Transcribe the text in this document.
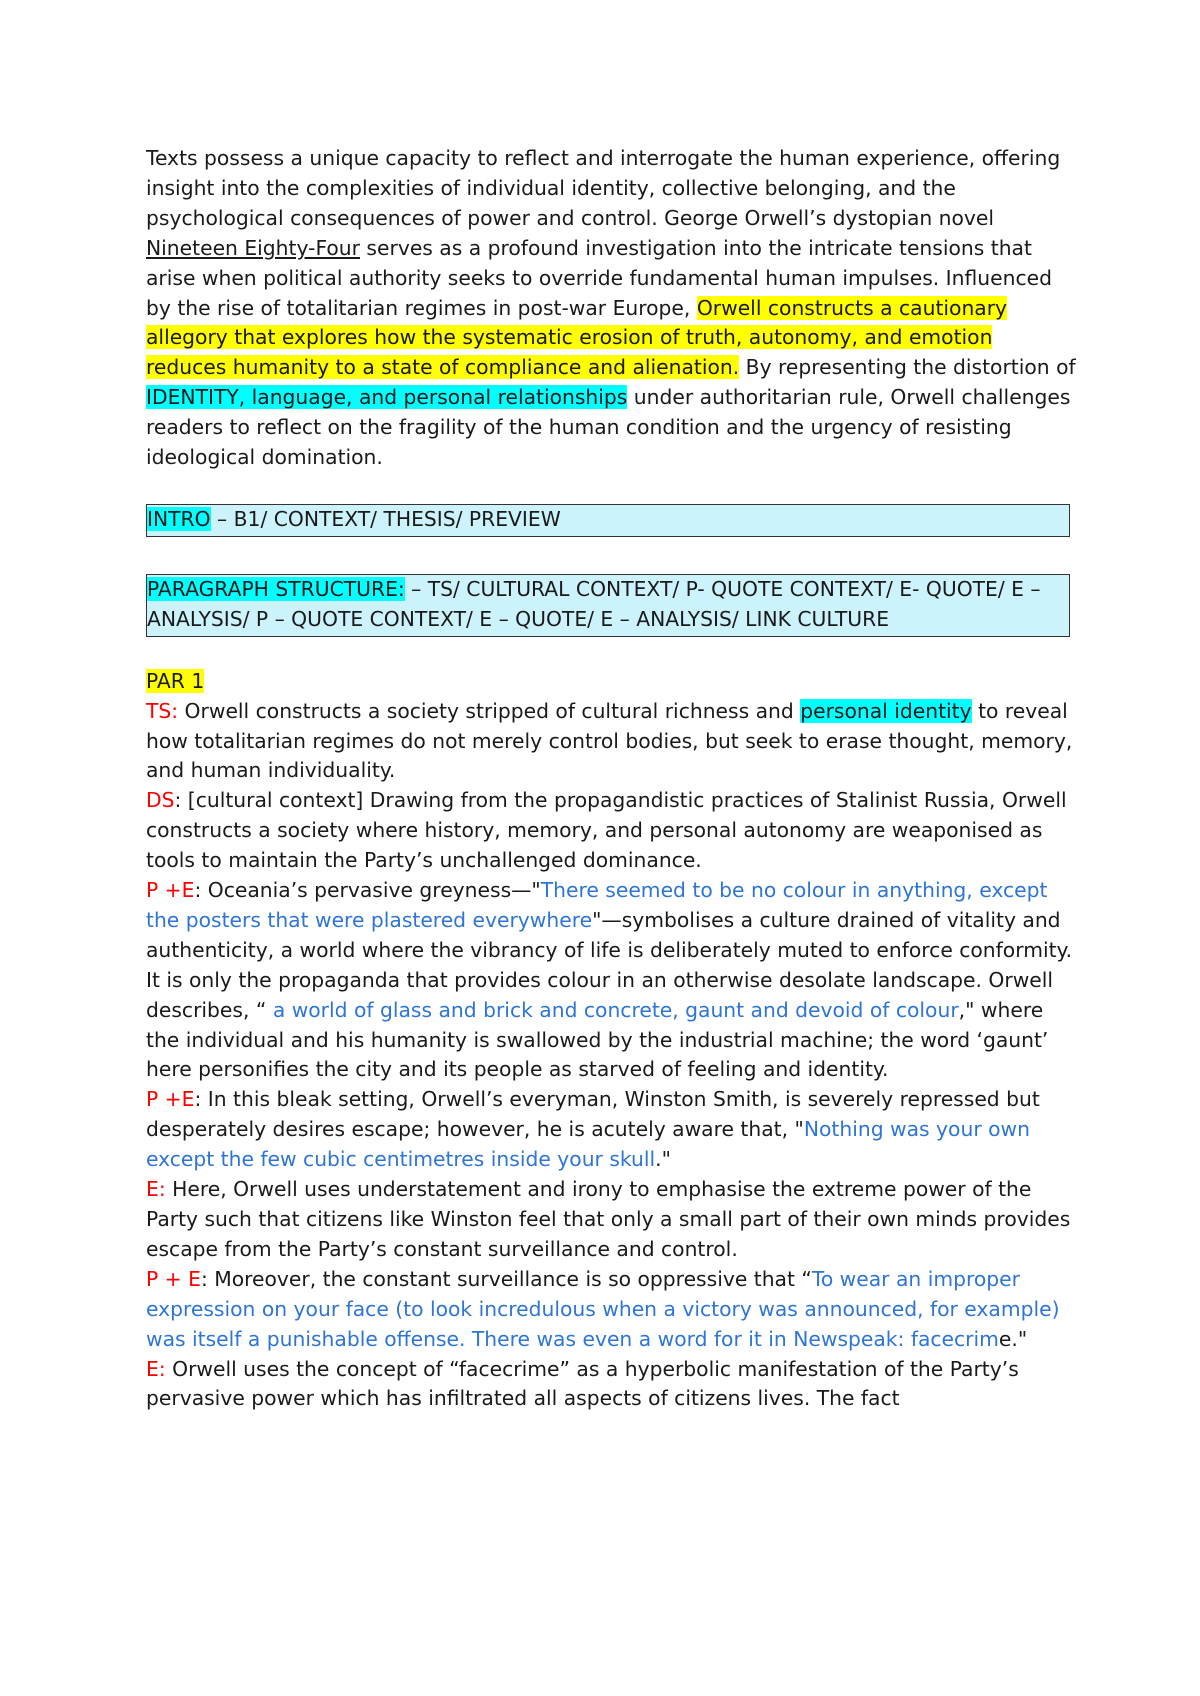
Texts possess a unique capacity to reflect and interrogate the human experience, offering insight into the complexities of individual identity, collective belonging, and the psychological consequences of power and control. George Orwell’s dystopian novel Nineteen Eighty-Four serves as a profound investigation into the intricate tensions that arise when political authority seeks to override fundamental human impulses. Influenced by the rise of totalitarian regimes in post-war Europe, Orwell constructs a cautionary allegory that explores how the systematic erosion of truth, autonomy, and emotion reduces humanity to a state of compliance and alienation. By representing the distortion of IDENTITY, language, and personal relationships under authoritarian rule, Orwell challenges readers to reflect on the fragility of the human condition and the urgency of resisting ideological domination.

INTRO – B1/ CONTEXT/ THESIS/ PREVIEW

PARAGRAPH STRUCTURE: – TS/ CULTURAL CONTEXT/ P- QUOTE CONTEXT/ E- QUOTE/ E – ANALYSIS/ P – QUOTE CONTEXT/ E – QUOTE/ E – ANALYSIS/ LINK CULTURE

PAR 1

TS: Orwell constructs a society stripped of cultural richness and personal identity to reveal how totalitarian regimes do not merely control bodies, but seek to erase thought, memory, and human individuality.

DS: [cultural context] Drawing from the propagandistic practices of Stalinist Russia, Orwell constructs a society where history, memory, and personal autonomy are weaponised as tools to maintain the Party’s unchallenged dominance.

P +E: Oceania’s pervasive greyness—"There seemed to be no colour in anything, except the posters that were plastered everywhere"—symbolises a culture drained of vitality and authenticity, a world where the vibrancy of life is deliberately muted to enforce conformity. It is only the propaganda that provides colour in an otherwise desolate landscape. Orwell describes, “ a world of glass and brick and concrete, gaunt and devoid of colour," where the individual and his humanity is swallowed by the industrial machine; the word ‘gaunt’ here personifies the city and its people as starved of feeling and identity.

P +E: In this bleak setting, Orwell’s everyman, Winston Smith, is severely repressed but desperately desires escape; however, he is acutely aware that, "Nothing was your own except the few cubic centimetres inside your skull."

E: Here, Orwell uses understatement and irony to emphasise the extreme power of the Party such that citizens like Winston feel that only a small part of their own minds provides escape from the Party’s constant surveillance and control.

P + E: Moreover, the constant surveillance is so oppressive that “To wear an improper expression on your face (to look incredulous when a victory was announced, for example) was itself a punishable offense. There was even a word for it in Newspeak: facecrime."

E: Orwell uses the concept of “facecrime” as a hyperbolic manifestation of the Party’s pervasive power which has infiltrated all aspects of citizens lives. The fact
